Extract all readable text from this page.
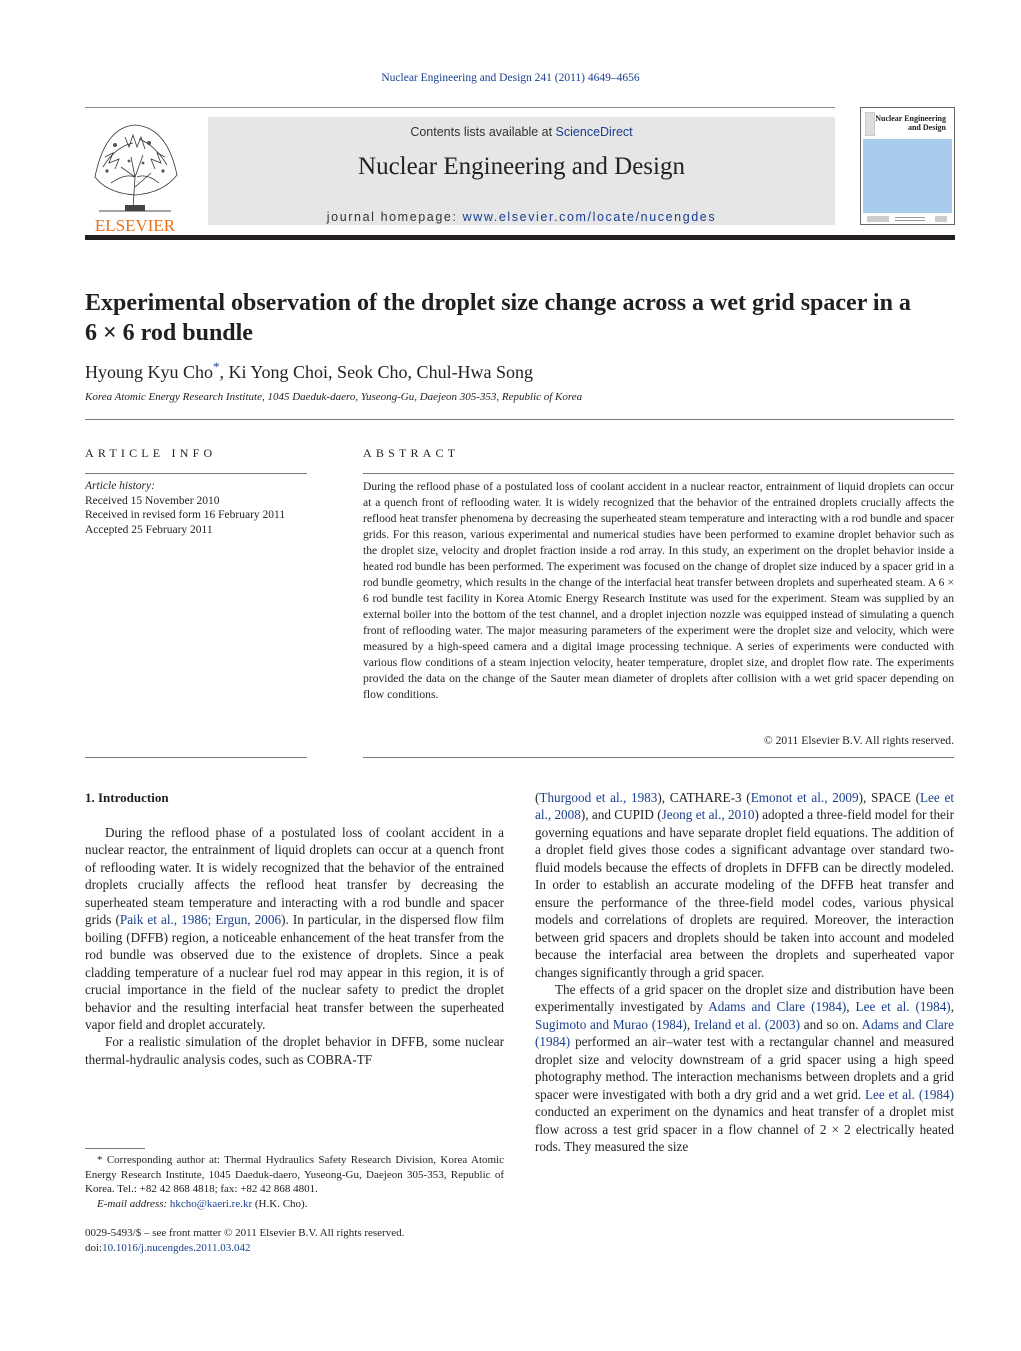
Nuclear Engineering and Design 241 (2011) 4649–4656
ELSEVIER
Contents lists available at ScienceDirect
Nuclear Engineering and Design
journal homepage: www.elsevier.com/locate/nucengdes
Nuclear Engineering
and Design
Experimental observation of the droplet size change across a wet grid spacer in a
6 × 6 rod bundle
Hyoung Kyu Cho*, Ki Yong Choi, Seok Cho, Chul-Hwa Song
Korea Atomic Energy Research Institute, 1045 Daeduk-daero, Yuseong-Gu, Daejeon 305-353, Republic of Korea
ARTICLE INFO	ABSTRACT
Article history:
Received 15 November 2010
Received in revised form 16 February 2011
Accepted 25 February 2011
During the reflood phase of a postulated loss of coolant accident in a nuclear reactor, entrainment of liquid droplets can occur at a quench front of reflooding water. It is widely recognized that the behavior of the entrained droplets crucially affects the reflood heat transfer phenomena by decreasing the superheated steam temperature and interacting with a rod bundle and spacer grids. For this reason, various experimental and numerical studies have been performed to examine droplet behavior such as the droplet size, velocity and droplet fraction inside a rod array. In this study, an experiment on the droplet behavior inside a heated rod bundle has been performed. The experiment was focused on the change of droplet size induced by a spacer grid in a rod bundle geometry, which results in the change of the interfacial heat transfer between droplets and superheated steam. A 6 × 6 rod bundle test facility in Korea Atomic Energy Research Institute was used for the experiment. Steam was supplied by an external boiler into the bottom of the test channel, and a droplet injection nozzle was equipped instead of simulating a quench front of reflooding water. The major measuring parameters of the experiment were the droplet size and velocity, which were measured by a high-speed camera and a digital image processing technique. A series of experiments were conducted with various flow conditions of a steam injection velocity, heater temperature, droplet size, and droplet flow rate. The experiments provided the data on the change of the Sauter mean diameter of droplets after collision with a wet grid spacer depending on flow conditions.
© 2011 Elsevier B.V. All rights reserved.
1. Introduction

During the reflood phase of a postulated loss of coolant accident in a nuclear reactor, the entrainment of liquid droplets can occur at a quench front of reflooding water. It is widely recognized that the behavior of the entrained droplets crucially affects the reflood heat transfer by decreasing the superheated steam temperature and interacting with a rod bundle and spacer grids (Paik et al., 1986; Ergun, 2006). In particular, in the dispersed flow film boiling (DFFB) region, a noticeable enhancement of the heat transfer from the rod bundle was observed due to the existence of droplets. Since a peak cladding temperature of a nuclear fuel rod may appear in this region, it is of crucial importance in the field of the nuclear safety to predict the droplet behavior and the resulting interfacial heat transfer between the superheated vapor field and droplet accurately.

For a realistic simulation of the droplet behavior in DFFB, some nuclear thermal-hydraulic analysis codes, such as COBRA-TF

(Thurgood et al., 1983), CATHARE-3 (Emonot et al., 2009), SPACE (Lee et al., 2008), and CUPID (Jeong et al., 2010) adopted a three-field model for their governing equations and have separate droplet field equations. The addition of a droplet field gives those codes a significant advantage over standard two-fluid models because the effects of droplets in DFFB can be directly modeled. In order to establish an accurate modeling of the DFFB heat transfer and ensure the performance of the three-field model codes, various physical models and correlations of droplets are required. Moreover, the interaction between grid spacers and droplets should be taken into account and modeled because the interfacial area between the droplets and superheated vapor changes significantly through a grid spacer.

The effects of a grid spacer on the droplet size and distribution have been experimentally investigated by Adams and Clare (1984), Lee et al. (1984), Sugimoto and Murao (1984), Ireland et al. (2003) and so on. Adams and Clare (1984) performed an air–water test with a rectangular channel and measured droplet size and velocity downstream of a grid spacer using a high speed photography method. The interaction mechanisms between droplets and a grid spacer were investigated with both a dry grid and a wet grid. Lee et al. (1984) conducted an experiment on the dynamics and heat transfer of a droplet mist flow across a test grid spacer in a flow channel of 2 × 2 electrically heated rods. They measured the size

* Corresponding author at: Thermal Hydraulics Safety Research Division, Korea Atomic Energy Research Institute, 1045 Daeduk-daero, Yuseong-Gu, Daejeon 305-353, Republic of Korea. Tel.: +82 42 868 4818; fax: +82 42 868 4801.

E-mail address: hkcho@kaeri.re.kr (H.K. Cho).

0029-5493/$ – see front matter © 2011 Elsevier B.V. All rights reserved.
doi:10.1016/j.nucengdes.2011.03.042
